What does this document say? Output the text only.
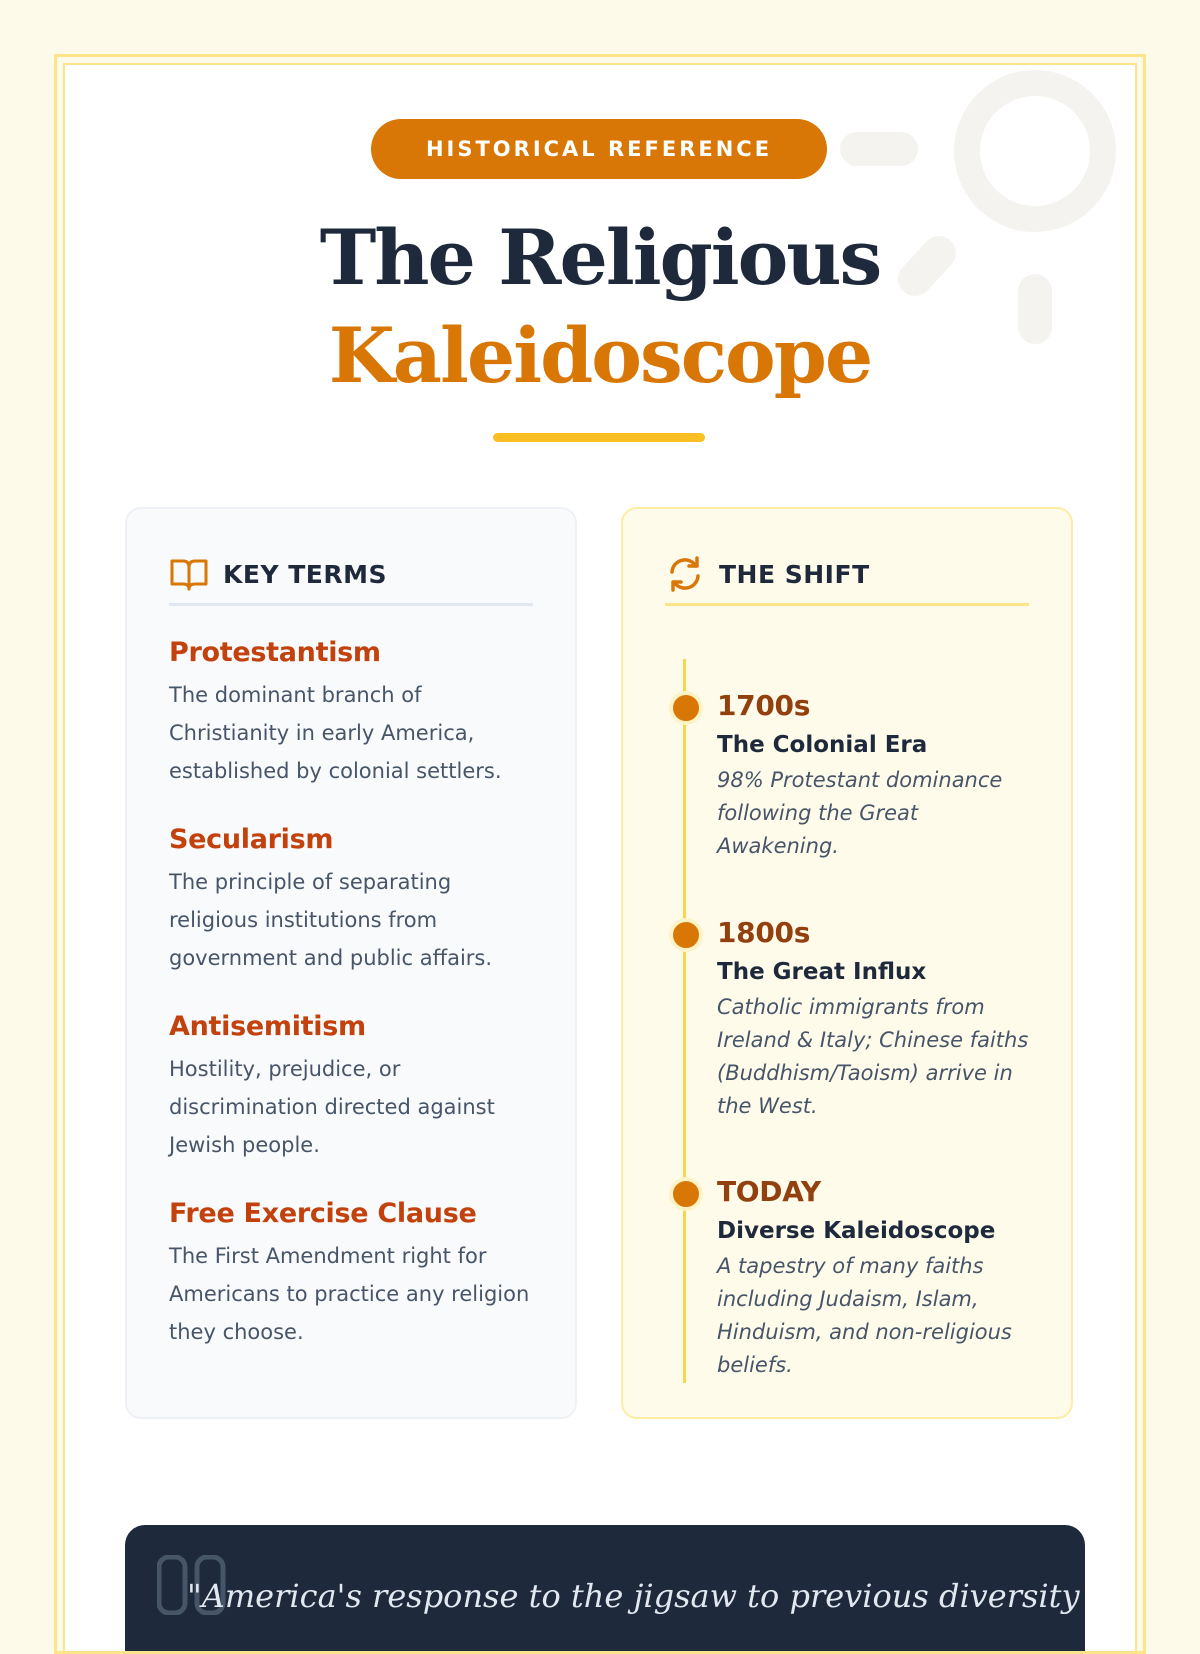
HISTORICAL REFERENCE
The Religious
Kaleidoscope
KEY TERMS
Protestantism
The dominant branch of Christianity in early America, established by colonial settlers.
Secularism
The principle of separating religious institutions from government and public affairs.
Antisemitism
Hostility, prejudice, or discrimination directed against Jewish people.
Free Exercise Clause
The First Amendment right for Americans to practice any religion they choose.
THE SHIFT
1700s
The Colonial Era
98% Protestant dominance following the Great Awakening.
1800s
The Great Influx
Catholic immigrants from Ireland & Italy; Chinese faiths (Buddhism/Taoism) arrive in the West.
TODAY
Diverse Kaleidoscope
A tapestry of many faiths including Judaism, Islam, Hinduism, and non-religious beliefs.
"America's response to the jigsaw to previous diversity
